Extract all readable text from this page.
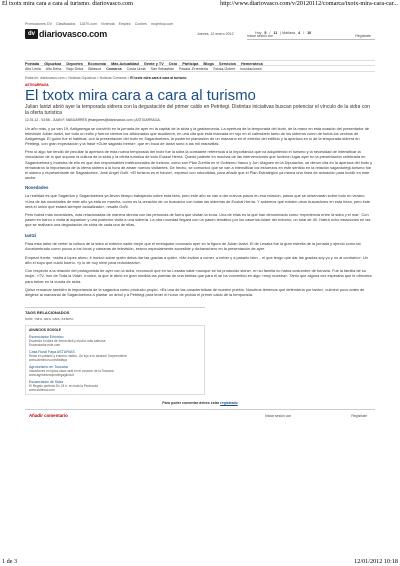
El txotx mira cara a cara al turismo. diariovasco.com	http://www.diariovasco.com/v/20120112/comarca/txotx-mira-cara-car...
Promociones DV Clasificados 11870.com Vivienda Empleo Coches mujerhoy.com
dv diariovasco.com	Jueves, 12 enero 2012	Hoy 5 / 11 | Mañana 4 / 10
Iniciar sesión con	Regístrate
Portada Gipuzkoa Deportes Economía Más Actualidad Gente y TV Ocio Participa Blogs Servicios Hemeroteca
Alto Urola Alto Deba Bajo Deba Bidasoa Comarca Costa Urola San Sebastián Pasaia -Errenteria Tolosa-Goierri Inundaciones
Estás en: diariovasco.com > Noticias Gipuzkoa > Noticias Comarca > El txotx mira cara a cara al turismo
ASTIGARRAGA
El txotx mira cara a cara al turismo
Julian Iantzi abrió ayer la temporada sidrera con la degustación del primer caldo en Petritegi. Distintas iniciativas buscan potenciar el vínculo de la sidra con la oferta turística
12.01.12 - 03:58 - JUAN F. MANJARRÉS jfmanjarres@diariovasco.com | ASTIGARRAGA.

Un año más, y ya van 19, Astigarraga se convirtió en la jornada de ayer en la capital de la sidra y la gastronomía. La apertura de la temporada del txotx, de la mano en esta ocasión del presentador de televisión Julian Iantzi, fue todo un éxito y fueron cientos los aficionados que acudieron, en una cita que está marcada en rojo en el calendario tanto de los sidreros como de todos los vecinos de Astigarraga. El guión fue el habitual, con la presentación del txotx en Sagardoetxea, la posterior plantación de un manzano en el exterior del edificio y la apertura en sí de la temporada sidrera en Petritegi, con gran expectación y la frase «Gure sagardo berria», que en boca de Iantzi sonó a las mil maravillas.

Pero si algo fue tendió de peculiar la apertura de esta nueva temporada del txotx fue la sidra la constante referencia a la importancia que va adquiriendo el turismo y la necesidad de intensificar la vinculación de lo que supone la cultura de la sidra y la oferta turística de todo Euskal Herria. Quedó patente en muchas de las intervenciones que tuvieron lugar ayer en la presentación celebrada en Sagardoetxea y muestra de ello es que dos responsables institucionales de turismo, como son Pilar Zorrilla en el Gobierno Vasco y Jon Ulaguen en la Diputación, se dieron cita en la apertura del txotx y remarcaron la importancia de la oferta sidrera a la hora de atraer nuevos visitantes. De hecho, se comunicó que se van a intensificar los esfuerzos en este sentido en la relación sagardotegi-turismo fue el sidrero y representante de Sagardoetxe, José Angel Goñi. «El turismo es el futuro», expresó con rotundidad, para añadir que el Plan Estratégico ya marca una línea de actuación para incidir en este sector.

Novedades

La realidad es que Sagardun y Sagardoetxea ya llevan tiempo trabajando sobre esta idea, pero este año se van a dar nuevos pasos en esa relación, pasos que se observarán sobre todo en verano. «Una de las novedades de este año ya está en marcha, como es la creación de un buscador con todas las sidrerías de Euskal Herria. Y sabemos que existen otros buscadores en esta línea, pero éste será el único que estará siempre actualizado», resaltó Goñi.

Pero habrá más novedades, más relacionadas de manera directa con las personas de fuera que visitan la zona. Una de ellas es la que han denominado como 'experiencia entre la sidra y el mar'. Con paseo en barco o visita al aquarium y una posterior visita a una sidrería. La otra novedad llegará con un paseo temático por los caseríos-lolaer del entorno, un total de 40. Habrá ocho estaciones en las que se realizará una degustación de sidra de cada una de ellas.

Iantzi

Para esta labor de verter la cultura de la sidra al exterior nadie mejor que el embajador coronado ayer en la figura de Julian Iantzi. El de Lesaka fue la gran estrella de la jornada y ejerció como tal. Acostumbrado como pocos a los focos y cámaras de televisión, estuvo especialmente accesible y dicharachero en la presentación de ayer.

Empezó fuerte, «sidra a lopez ahmo, é ironizó sobre quién debía dar las gracias a quién. «Me invitan a comer, a beber y a pasarlo bien... el que tengo que dar las gracias soy yo y no al contrario». Un año el suyo que cuidó bueno. «y lo de hoy sirve para redondearlo».

Con respecto a la relación del protagonista de ayer con la sidra, reconoció que en su Lesaka natal «aunque se ha producido sidra», en su familia no había costumbre de tomarla. Fue la familia de su mujer, «TV, Irun de Toda la Vida», ironizó, la que le abrió en gran medida las puertas de una bebida que para él se ha convertido en algo «muy nuestra». Tanto que alguna vez esperaba que le ofreciera para beber en la cuarta de sidra.

Quiso remarcar también la importancia de la sagardoa como producto propio. «Es una de las características de nuestro pueblo. Nosotros tenemos que defenderla por tanto», culminó poco antes de dirigirse al manzanal de Sagardoetxea a plantar un árbol y a Petritegi para tener el honor de probar el primer caldo de la temporada.

TAGS RELACIONADOS
txotx, mira, cara, cara, turismo
ANUNCIOS GOOGLE
Escenciador Eléctrico
Escancia tu sidra de forma fácil y mucho más sabrosa
Escanciador.eole.com
Casa Rural Faya ASTURIAS
Relax en palacio y entorno rústico. Un lujo a tu alcance Sorprendente
www.dominion.com/faltaya
Agroturismo en Toscana
Vacaciones en típica casa rural en el corazón de la Toscana
www.agriturismopodergagliola.it
Escanciador de Sidra
El Regalo perfecto En 24 h. en toda la Península
www.sidrinna.com
Para poder comentar debes estar registrado
Añadir comentario	Iniciar sesión con	Regístrate
1 de 3	12/01/2012 10:18
